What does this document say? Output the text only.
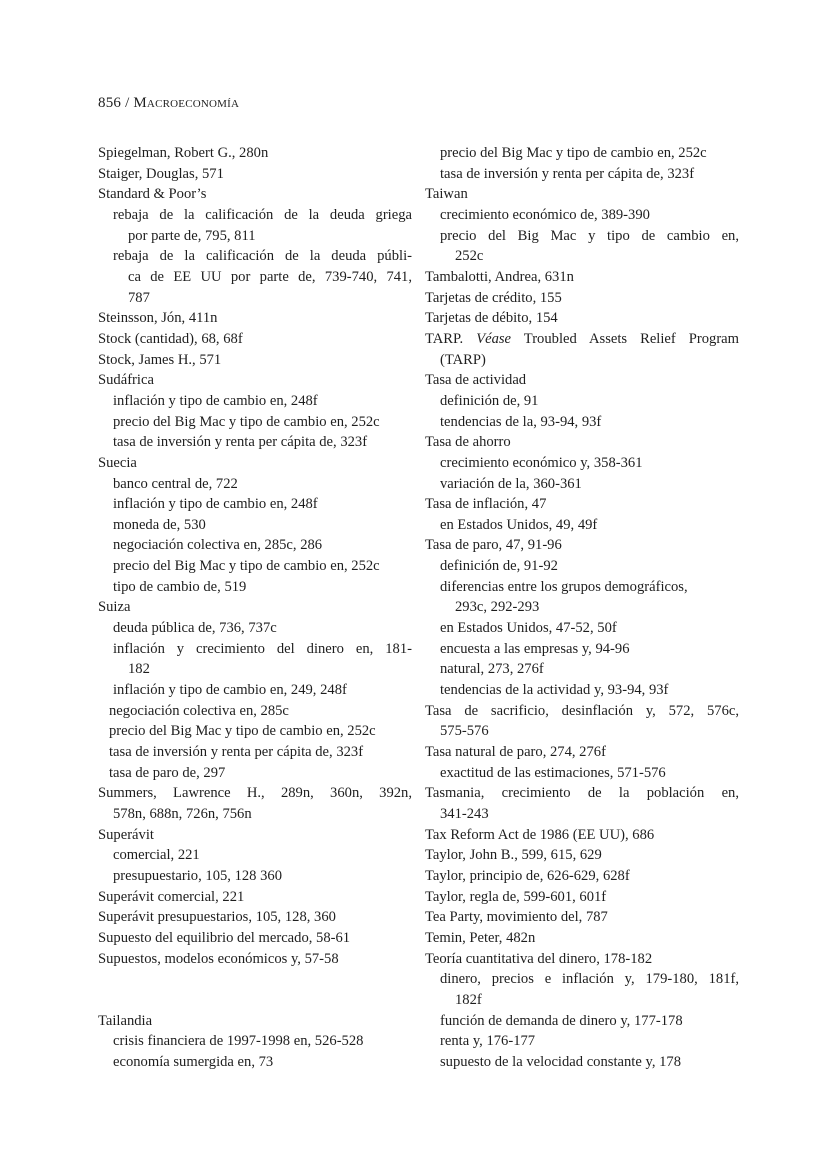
856 / Macroeconomía
Spiegelman, Robert G., 280n
Staiger, Douglas, 571
Standard & Poor’s
rebaja de la calificación de la deuda griega
por parte de, 795, 811
rebaja de la calificación de la deuda públi-
ca de EE UU por parte de, 739-740, 741,
787
Steinsson, Jón, 411n
Stock (cantidad), 68, 68f
Stock, James H., 571
Sudáfrica
inflación y tipo de cambio en, 248f
precio del Big Mac y tipo de cambio en, 252c
tasa de inversión y renta per cápita de, 323f
Suecia
banco central de, 722
inflación y tipo de cambio en, 248f
moneda de, 530
negociación colectiva en, 285c, 286
precio del Big Mac y tipo de cambio en, 252c
tipo de cambio de, 519
Suiza
deuda pública de, 736, 737c
inflación y crecimiento del dinero en, 181-
182
inflación y tipo de cambio en, 249, 248f
negociación colectiva en, 285c
precio del Big Mac y tipo de cambio en, 252c
tasa de inversión y renta per cápita de, 323f
tasa de paro de, 297
Summers, Lawrence H., 289n, 360n, 392n,
578n, 688n, 726n, 756n
Superávit
comercial, 221
presupuestario, 105, 128 360
Superávit comercial, 221
Superávit presupuestarios, 105, 128, 360
Supuesto del equilibrio del mercado, 58-61
Supuestos, modelos económicos y, 57-58
Tailandia
crisis financiera de 1997-1998 en, 526-528
economía sumergida en, 73
precio del Big Mac y tipo de cambio en, 252c
tasa de inversión y renta per cápita de, 323f
Taiwan
crecimiento económico de, 389-390
precio del Big Mac y tipo de cambio en,
252c
Tambalotti, Andrea, 631n
Tarjetas de crédito, 155
Tarjetas de débito, 154
TARP. Véase Troubled Assets Relief Program
(TARP)
Tasa de actividad
definición de, 91
tendencias de la, 93-94, 93f
Tasa de ahorro
crecimiento económico y, 358-361
variación de la, 360-361
Tasa de inflación, 47
en Estados Unidos, 49, 49f
Tasa de paro, 47, 91-96
definición de, 91-92
diferencias entre los grupos demográficos,
293c, 292-293
en Estados Unidos, 47-52, 50f
encuesta a las empresas y, 94-96
natural, 273, 276f
tendencias de la actividad y, 93-94, 93f
Tasa de sacrificio, desinflación y, 572, 576c,
575-576
Tasa natural de paro, 274, 276f
exactitud de las estimaciones, 571-576
Tasmania, crecimiento de la población en,
341-243
Tax Reform Act de 1986 (EE UU), 686
Taylor, John B., 599, 615, 629
Taylor, principio de, 626-629, 628f
Taylor, regla de, 599-601, 601f
Tea Party, movimiento del, 787
Temin, Peter, 482n
Teoría cuantitativa del dinero, 178-182
dinero, precios e inflación y, 179-180, 181f,
182f
función de demanda de dinero y, 177-178
renta y, 176-177
supuesto de la velocidad constante y, 178
